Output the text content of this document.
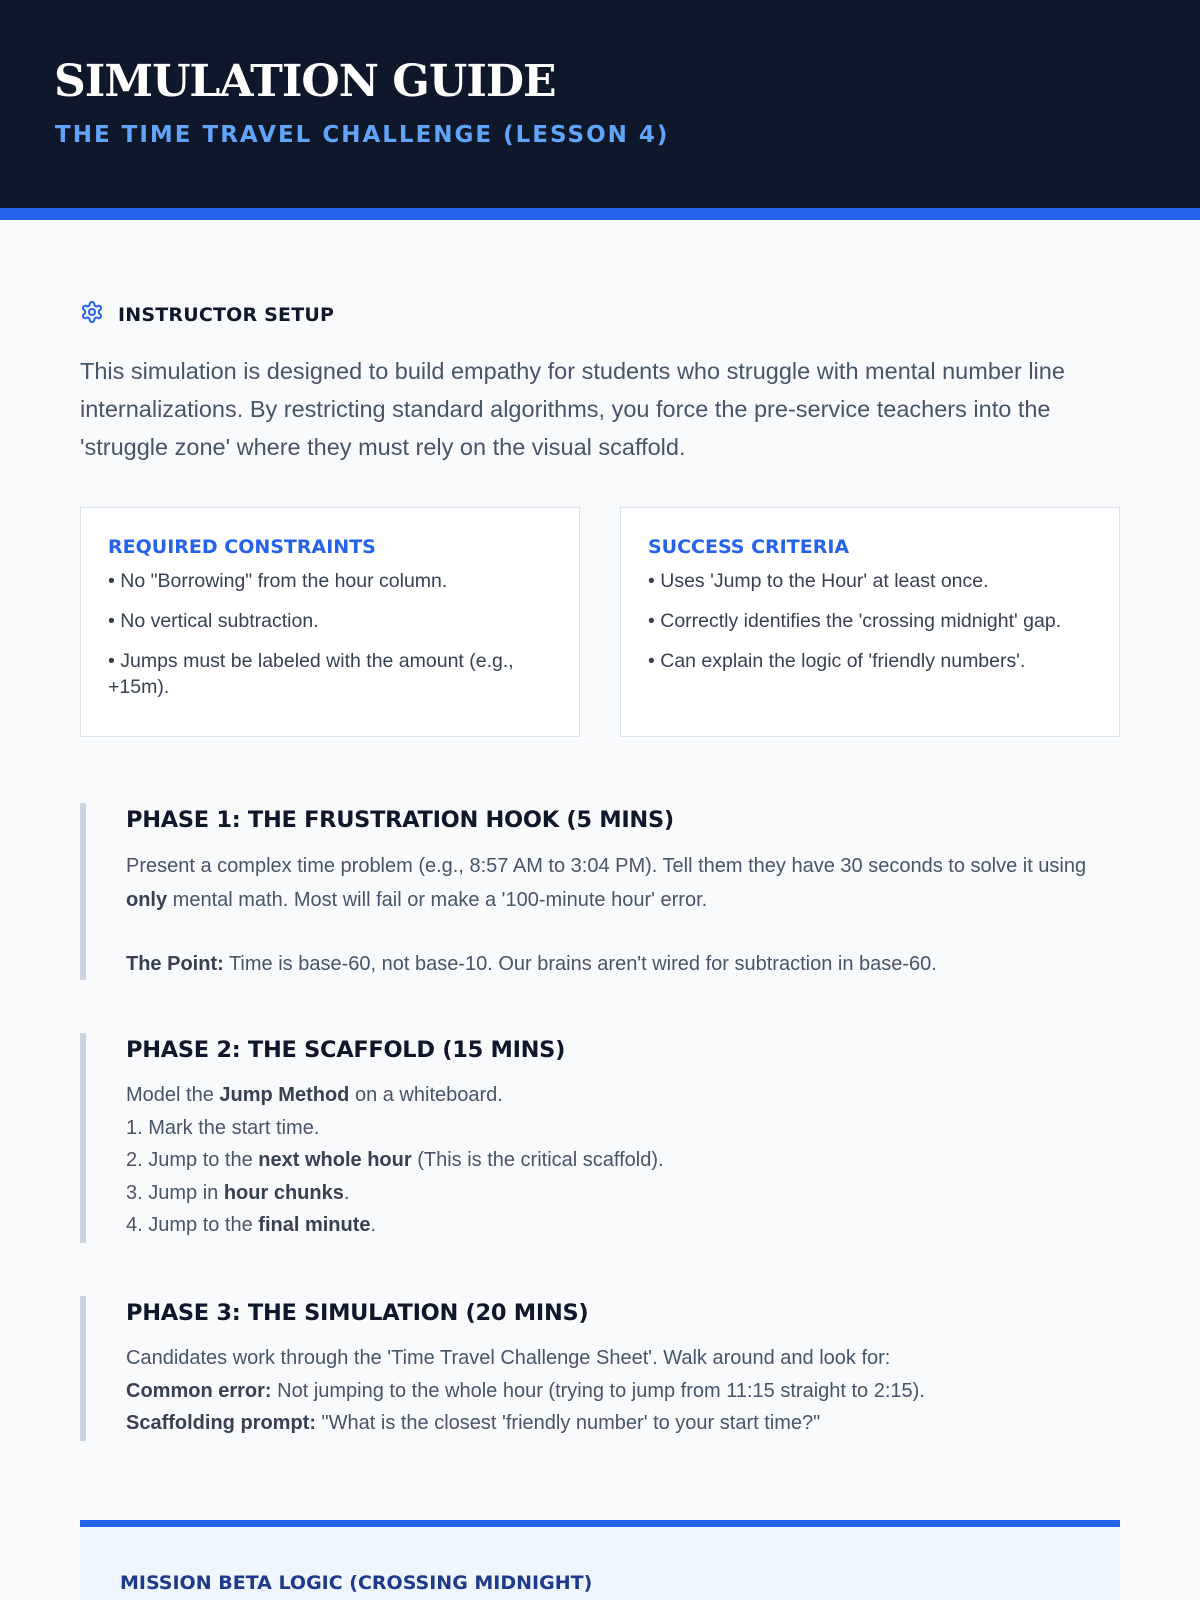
SIMULATION GUIDE
THE TIME TRAVEL CHALLENGE (LESSON 4)
INSTRUCTOR SETUP

This simulation is designed to build empathy for students who struggle with mental number line internalizations. By restricting standard algorithms, you force the pre-service teachers into the 'struggle zone' where they must rely on the visual scaffold.

REQUIRED CONSTRAINTS
• No "Borrowing" from the hour column.
• No vertical subtraction.
• Jumps must be labeled with the amount (e.g., +15m).
SUCCESS CRITERIA
• Uses 'Jump to the Hour' at least once.
• Correctly identifies the 'crossing midnight' gap.
• Can explain the logic of 'friendly numbers'.
PHASE 1: THE FRUSTRATION HOOK (5 MINS)

Present a complex time problem (e.g., 8:57 AM to 3:04 PM). Tell them they have 30 seconds to solve it using only mental math. Most will fail or make a '100-minute hour' error.

The Point: Time is base-60, not base-10. Our brains aren't wired for subtraction in base-60.

PHASE 2: THE SCAFFOLD (15 MINS)

Model the Jump Method on a whiteboard.

1. Mark the start time.

2. Jump to the next whole hour (This is the critical scaffold).

3. Jump in hour chunks.

4. Jump to the final minute.

PHASE 3: THE SIMULATION (20 MINS)

Candidates work through the 'Time Travel Challenge Sheet'. Walk around and look for:

Common error: Not jumping to the whole hour (trying to jump from 11:15 straight to 2:15).

Scaffolding prompt: "What is the closest 'friendly number' to your start time?"

MISSION BETA LOGIC (CROSSING MIDNIGHT)
